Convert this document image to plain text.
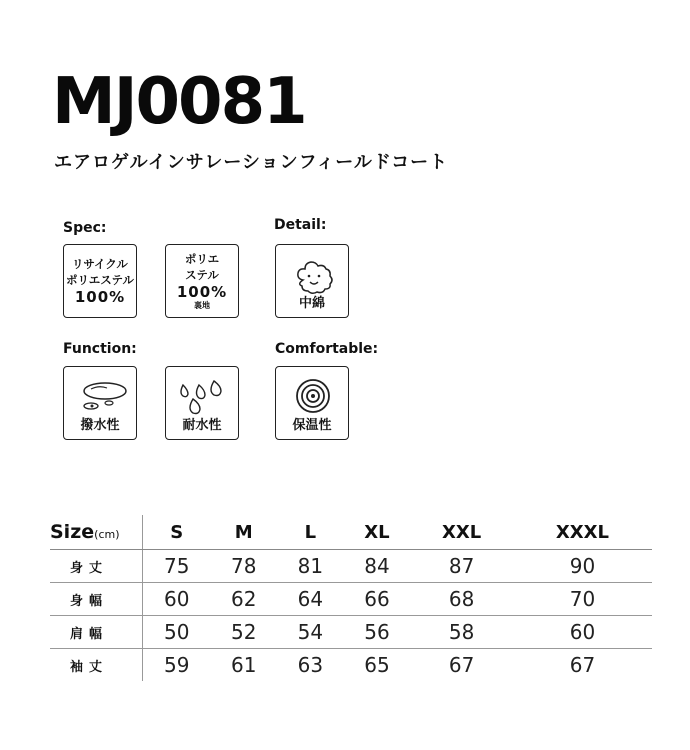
MJ0081
エアロゲルインサレーションフィールドコート
Spec:
リサイクル
ポリエステル
100%
ポリエ
ステル
100%
裏地
Detail:
中綿
Function:
撥水性	耐水性
Comfortable:
保温性
Size(cm)	S	M	L	XL	XXL	XXXL
身丈	75	78	81	84	87	90
身幅	60	62	64	66	68	70
肩幅	50	52	54	56	58	60
袖丈	59	61	63	65	67	67
